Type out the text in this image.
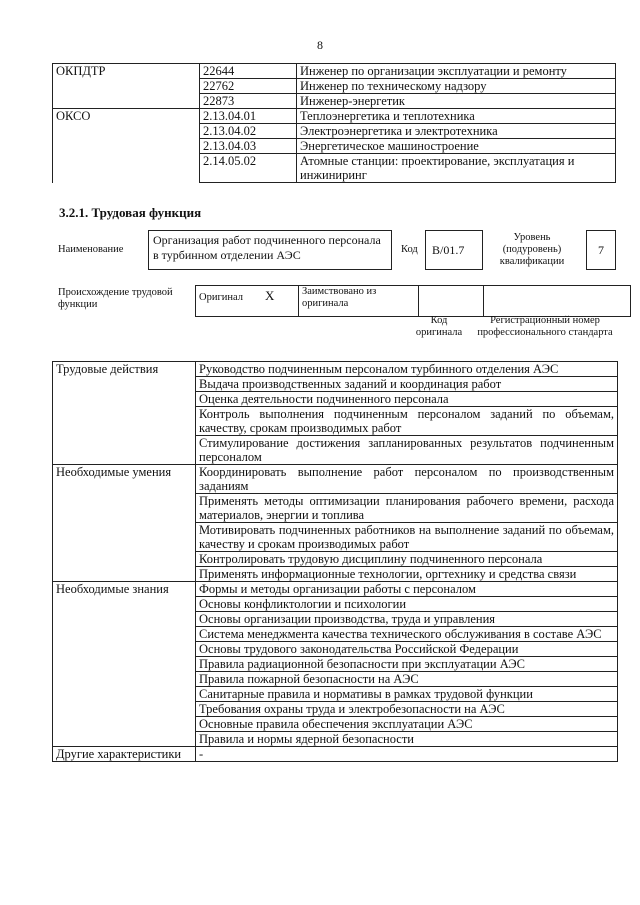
8
ОКПДТР	22644	Инженер по организации эксплуатации и ремонту
	22762	Инженер по техническому надзору
	22873	Инженер-энергетик
ОКСО	2.13.04.01	Теплоэнергетика и теплотехника
	2.13.04.02	Электроэнергетика и электротехника
	2.13.04.03	Энергетическое машиностроение
	2.14.05.02	Атомные станции: проектирование, эксплуатация и инжиниринг
3.2.1. Трудовая функция
Наименование
Организация работ подчиненного персонала в турбинном отделении АЭС	Код	B/01.7
Уровень (подуровень) квалификации
7
Происхождение трудовой функции
Оригинал	X	Заимствовано из оригинала		
Код оригинала
Регистрационный номер профессионального стандарта
Трудовые действия	Руководство подчиненным персоналом турбинного отделения АЭС
	Выдача производственных заданий и координация работ
	Оценка деятельности подчиненного персонала
	Контроль выполнения подчиненным персоналом заданий по объемам, качеству, срокам производимых работ
	Стимулирование достижения запланированных результатов подчиненным персоналом
Необходимые умения	Координировать выполнение работ персоналом по производственным заданиям
	Применять методы оптимизации планирования рабочего времени, расхода материалов, энергии и топлива
	Мотивировать подчиненных работников на выполнение заданий по объемам, качеству и срокам производимых работ
	Контролировать трудовую дисциплину подчиненного персонала
	Применять информационные технологии, оргтехнику и средства связи
Необходимые знания	Формы и методы организации работы с персоналом
	Основы конфликтологии и психологии
	Основы организации производства, труда и управления
	Система менеджмента качества технического обслуживания в составе АЭС
	Основы трудового законодательства Российской Федерации
	Правила радиационной безопасности при эксплуатации АЭС
	Правила пожарной безопасности на АЭС
	Санитарные правила и нормативы в рамках трудовой функции
	Требования охраны труда и электробезопасности на АЭС
	Основные правила обеспечения эксплуатации АЭС
	Правила и нормы ядерной безопасности
Другие характеристики	-
